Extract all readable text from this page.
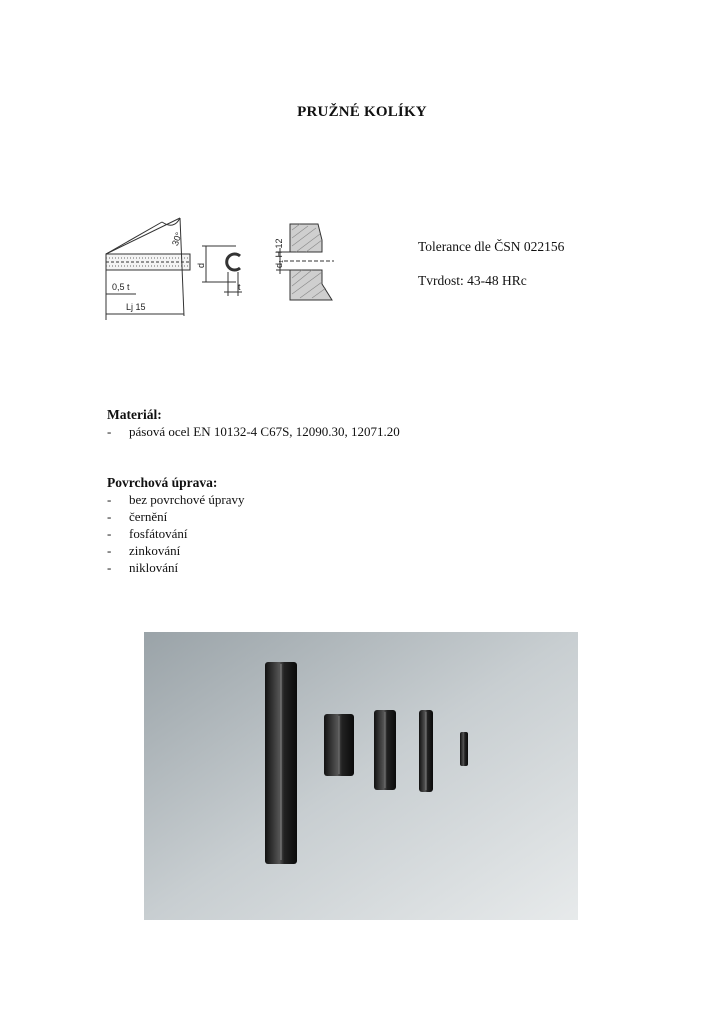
PRUŽNÉ KOLÍKY
30°
0,5 t
Lj 15
d
t
d₁ H 12	Tolerance dle ČSN 022156
Tvrdost: 43-48 HRc
Materiál:
- pásová ocel EN 10132-4 C67S, 12090.30, 12071.20
Povrchová úprava:
- bez povrchové úpravy
- černění
- fosfátování
- zinkování
- niklování
